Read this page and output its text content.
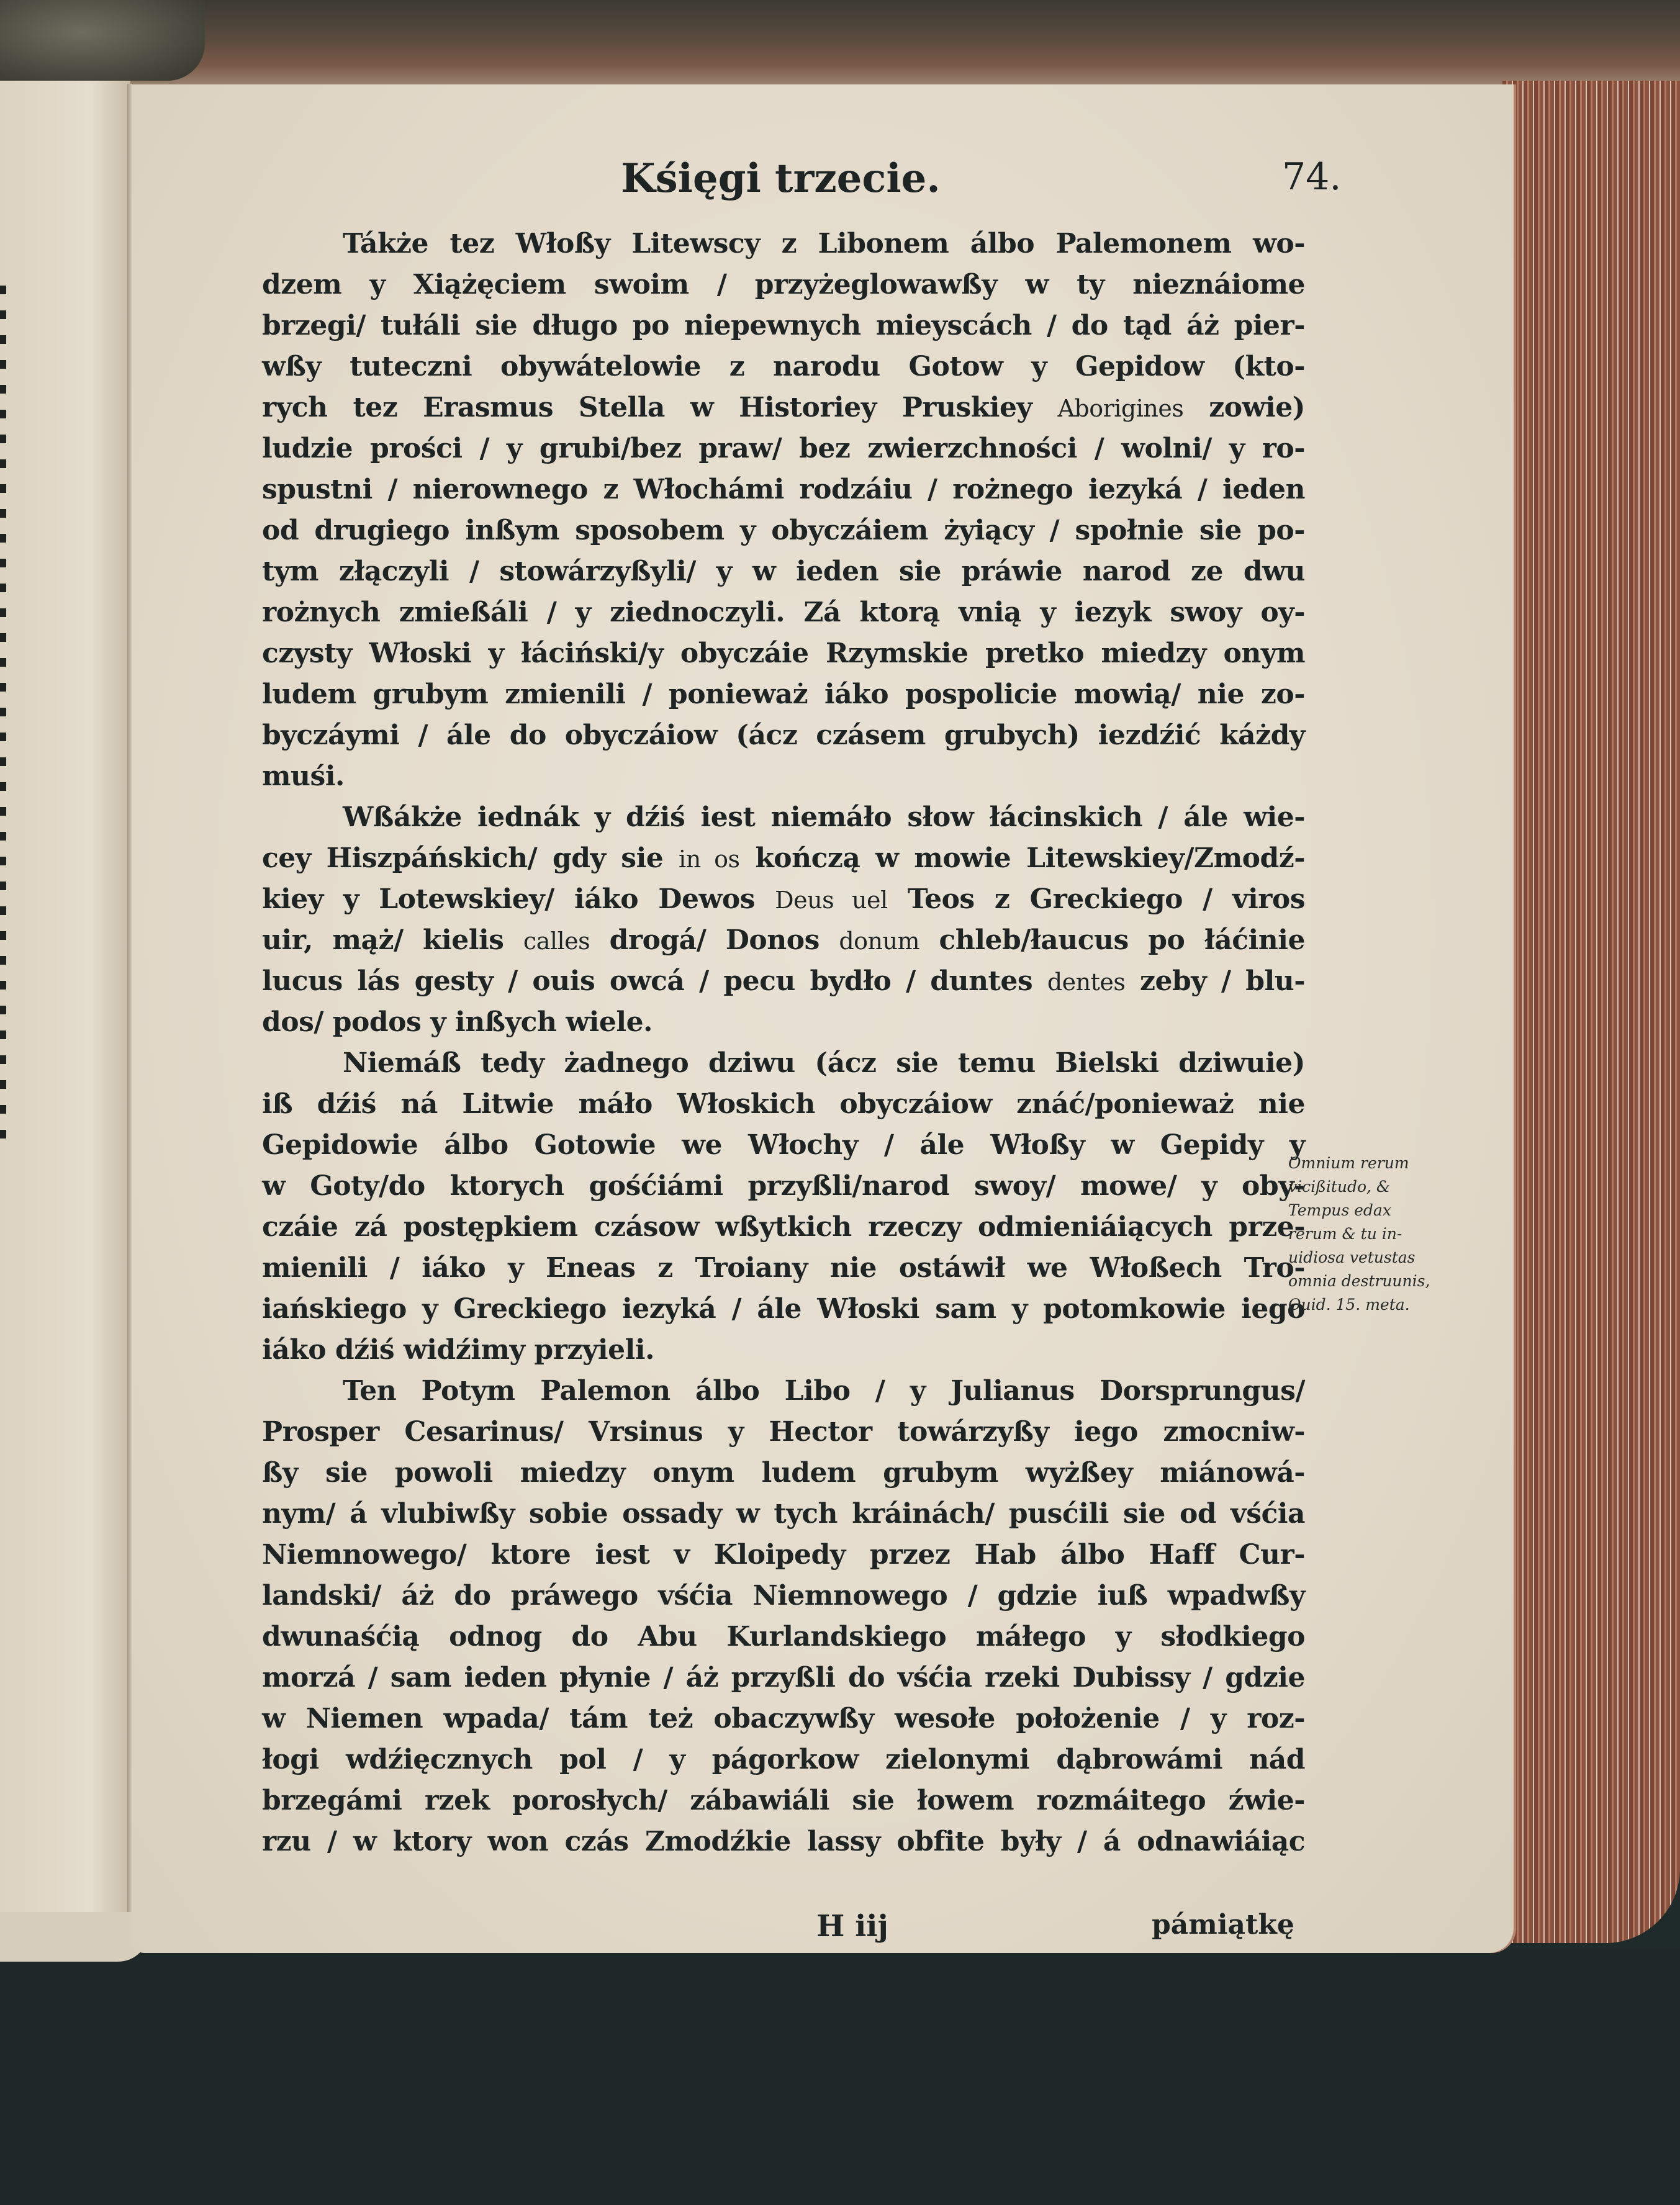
Kśięgi trzecie.	74.
Tákże tez Włoßy Litewscy z Libonem álbo Palemonem wo-
dzem y Xiążęciem swoim / przyżeglowawßy w ty nieznáiome
brzegi/ tułáli sie długo po niepewnych mieyscách / do tąd áż pier-
wßy tuteczni obywátelowie z narodu Gotow y Gepidow (kto-
rych tez Erasmus Stella w Historiey Pruskiey Aborigines zowie)
ludzie prości / y grubi/bez praw/ bez zwierzchności / wolni/ y ro-
spustni / nierownego z Włochámi rodzáiu / rożnego iezyká / ieden
od drugiego inßym sposobem y obyczáiem żyiący / społnie sie po-
tym złączyli / stowárzyßyli/ y w ieden sie práwie narod ze dwu
rożnych zmießáli / y ziednoczyli. Zá ktorą vnią y iezyk swoy oy-
czysty Włoski y łáciński/y obyczáie Rzymskie pretko miedzy onym
ludem grubym zmienili / ponieważ iáko pospolicie mowią/ nie zo-
byczáymi / ále do obyczáiow (ácz czásem grubych) iezdźić káżdy
muśi.
Wßákże iednák y dźiś iest niemáło słow łácinskich / ále wie-
cey Hiszpáńskich/ gdy sie in os kończą w mowie Litewskiey/Zmodź-
kiey y Lotewskiey/ iáko Dewos Deus uel Teos z Greckiego / viros
uir, mąż/ kielis calles drogá/ Donos donum chleb/łaucus po łáćinie
lucus lás gesty / ouis owcá / pecu bydło / duntes dentes zeby / blu-
dos/ podos y inßych wiele.
Niemáß tedy żadnego dziwu (ácz sie temu Bielski dziwuie)
iß dźiś ná Litwie máło Włoskich obyczáiow znáć/ponieważ nie
Gepidowie álbo Gotowie we Włochy / ále Włoßy w Gepidy y
w Goty/do ktorych gośćiámi przyßli/narod swoy/ mowe/ y oby-
czáie zá postępkiem czásow wßytkich rzeczy odmieniáiących prze-
mienili / iáko y Eneas z Troiany nie ostáwił we Włoßech Tro-
iańskiego y Greckiego iezyká / ále Włoski sam y potomkowie iego
iáko dźiś widźimy przyieli.
Ten Potym Palemon álbo Libo / y Julianus Dorsprungus/
Prosper Cesarinus/ Vrsinus y Hector towárzyßy iego zmocniw-
ßy sie powoli miedzy onym ludem grubym wyżßey miánowá-
nym/ á vlubiwßy sobie ossady w tych kráinách/ pusćili sie od vśćia
Niemnowego/ ktore iest v Kloipedy przez Hab álbo Haff Cur-
landski/ áż do práwego vśćia Niemnowego / gdzie iuß wpadwßy
dwunaśćią odnog do Abu Kurlandskiego máłego y słodkiego
morzá / sam ieden płynie / áż przyßli do vśćia rzeki Dubissy / gdzie
w Niemen wpada/ tám też obaczywßy wesołe położenie / y roz-
łogi wdźięcznych pol / y págorkow zielonymi dąbrowámi nád
brzegámi rzek porosłych/ zábawiáli sie łowem rozmáitego źwie-
rzu / w ktory won czás Zmodźkie lassy obfite były / á odnawiáiąc
Omnium rerum
vicißitudo, &
Tempus edax
rerum & tu in-
uidiosa vetustas
omnia destruunis,
Ouid. 15. meta.
H iij	pámiątkę
